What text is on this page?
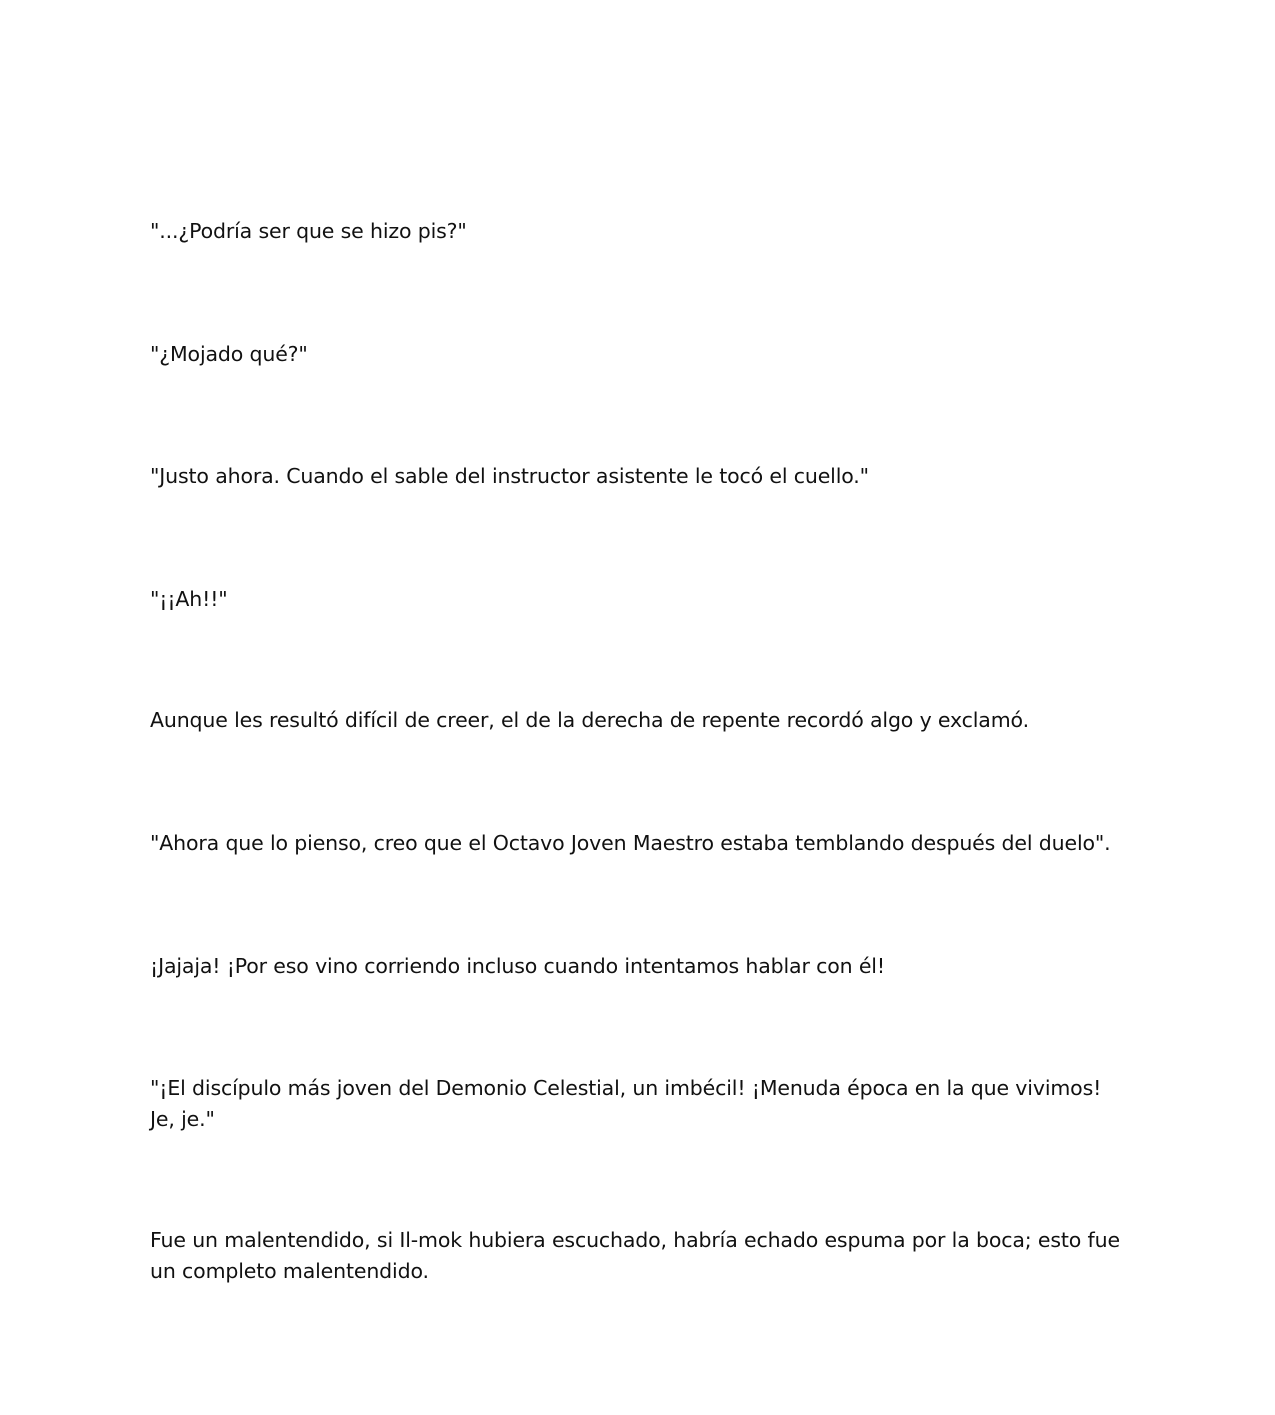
"...¿Podría ser que se hizo pis?"

"¿Mojado qué?"

"Justo ahora. Cuando el sable del instructor asistente le tocó el cuello."

"¡¡Ah!!"

Aunque les resultó difícil de creer, el de la derecha de repente recordó algo y exclamó.

"Ahora que lo pienso, creo que el Octavo Joven Maestro estaba temblando después del duelo".

¡Jajaja! ¡Por eso vino corriendo incluso cuando intentamos hablar con él!

"¡El discípulo más joven del Demonio Celestial, un imbécil! ¡Menuda época en la que vivimos! Je, je."

Fue un malentendido, si Il-mok hubiera escuchado, habría echado espuma por la boca; esto fue un completo malentendido.
